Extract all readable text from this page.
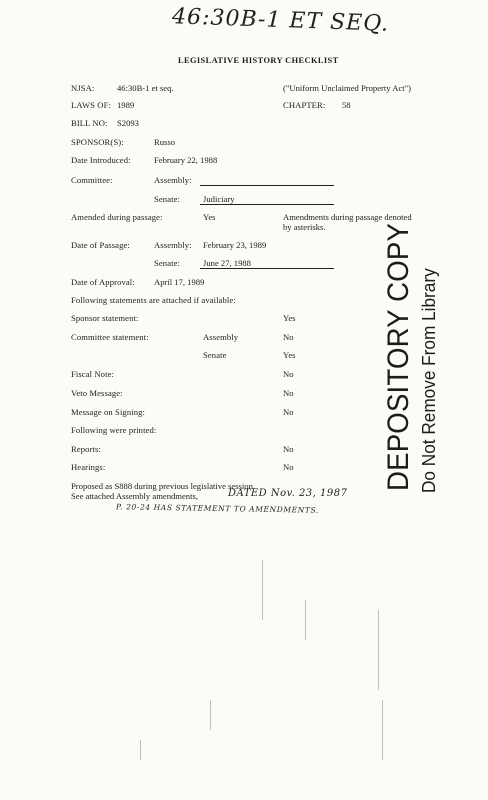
46:30B-1 ET SEQ.
LEGISLATIVE HISTORY CHECKLIST
NJSA:	46:30B-1 et seq.	("Uniform Unclaimed Property Act")
LAWS OF: 1989	CHAPTER: 58
BILL NO: S2093
SPONSOR(S):	Russo
Date Introduced:	February 22, 1988
Committee:	Assembly:
Senate:	Judiciary
Amended during passage:	Yes	Amendments during passage denoted
by asterisks.
Date of Passage:	Assembly: February 23, 1989
Senate:	June 27, 1988
Date of Approval: April 17, 1989
Following statements are attached if available:
Sponsor statement:	Yes
Committee statement:	Assembly	No
Senate	Yes
Fiscal Note:	No
Veto Message:	No
Message on Signing:	No
Following were printed:
Reports:	No
Hearings:	No
Proposed as S888 during previous legislative session.
See attached Assembly amendments,	DATED Nov. 23, 1987
P. 20-24 HAS STATEMENT TO AMENDMENTS.
DEPOSITORY COPY Do Not Remove From Library
